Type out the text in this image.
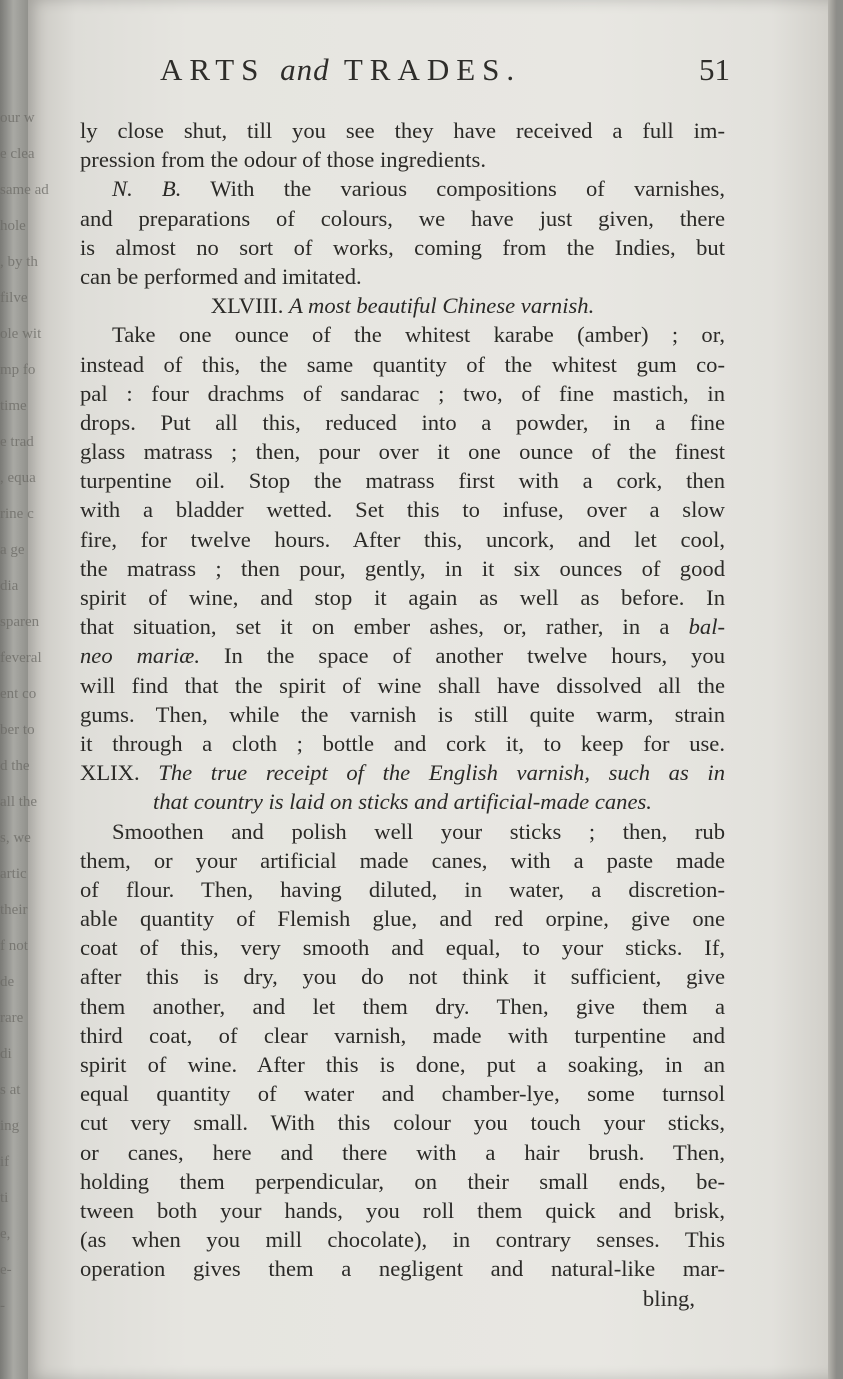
our w
e clea
same ad
hole
, by th
filve
ole wit
mp fo
time
e trad
, equa
rine c
a ge
dia
sparen
feveral
ent co
ber to
d the
all the
s, we
artic
their
f not
de
rare
di
s at
ing
if
ti
e,
e-
-
ARTS and TRADES.	51
ly close shut, till you see they have received a full im-
pression from the odour of those ingredients.
N. B. With the various compositions of varnishes,
and preparations of colours, we have just given, there
is almost no sort of works, coming from the Indies, but
can be performed and imitated.
XLVIII. A most beautiful Chinese varnish.
Take one ounce of the whitest karabe (amber) ; or,
instead of this, the same quantity of the whitest gum co-
pal : four drachms of sandarac ; two, of fine mastich, in
drops. Put all this, reduced into a powder, in a fine
glass matrass ; then, pour over it one ounce of the finest
turpentine oil. Stop the matrass first with a cork, then
with a bladder wetted. Set this to infuse, over a slow
fire, for twelve hours. After this, uncork, and let cool,
the matrass ; then pour, gently, in it six ounces of good
spirit of wine, and stop it again as well as before. In
that situation, set it on ember ashes, or, rather, in a bal-
neo mariæ. In the space of another twelve hours, you
will find that the spirit of wine shall have dissolved all the
gums. Then, while the varnish is still quite warm, strain
it through a cloth ; bottle and cork it, to keep for use.
XLIX. The true receipt of the English varnish, such as in
that country is laid on sticks and artificial-made canes.
Smoothen and polish well your sticks ; then, rub
them, or your artificial made canes, with a paste made
of flour. Then, having diluted, in water, a discretion-
able quantity of Flemish glue, and red orpine, give one
coat of this, very smooth and equal, to your sticks. If,
after this is dry, you do not think it sufficient, give
them another, and let them dry. Then, give them a
third coat, of clear varnish, made with turpentine and
spirit of wine. After this is done, put a soaking, in an
equal quantity of water and chamber-lye, some turnsol
cut very small. With this colour you touch your sticks,
or canes, here and there with a hair brush. Then,
holding them perpendicular, on their small ends, be-
tween both your hands, you roll them quick and brisk,
(as when you mill chocolate), in contrary senses. This
operation gives them a negligent and natural-like mar-
bling,
